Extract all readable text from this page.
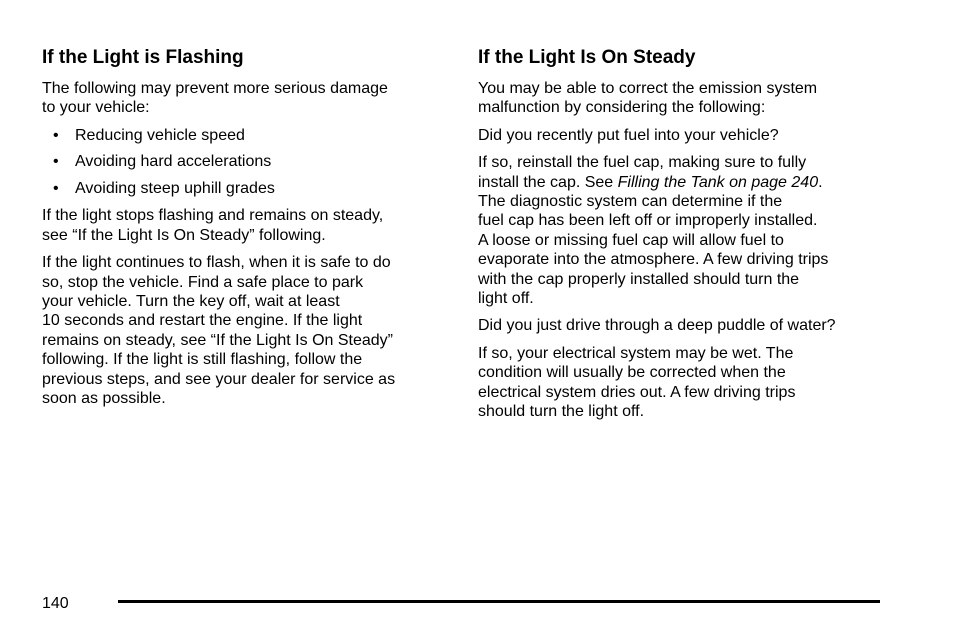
If the Light is Flashing

The following may prevent more serious damage
to your vehicle:

• Reducing vehicle speed
• Avoiding hard accelerations
• Avoiding steep uphill grades

If the light stops flashing and remains on steady,
see “If the Light Is On Steady” following.

If the light continues to flash, when it is safe to do
so, stop the vehicle. Find a safe place to park
your vehicle. Turn the key off, wait at least
10 seconds and restart the engine. If the light
remains on steady, see “If the Light Is On Steady”
following. If the light is still flashing, follow the
previous steps, and see your dealer for service as
soon as possible.

If the Light Is On Steady

You may be able to correct the emission system
malfunction by considering the following:

Did you recently put fuel into your vehicle?

If so, reinstall the fuel cap, making sure to fully
install the cap. See Filling the Tank on page 240.
The diagnostic system can determine if the
fuel cap has been left off or improperly installed.
A loose or missing fuel cap will allow fuel to
evaporate into the atmosphere. A few driving trips
with the cap properly installed should turn the
light off.

Did you just drive through a deep puddle of water?

If so, your electrical system may be wet. The
condition will usually be corrected when the
electrical system dries out. A few driving trips
should turn the light off.

140
